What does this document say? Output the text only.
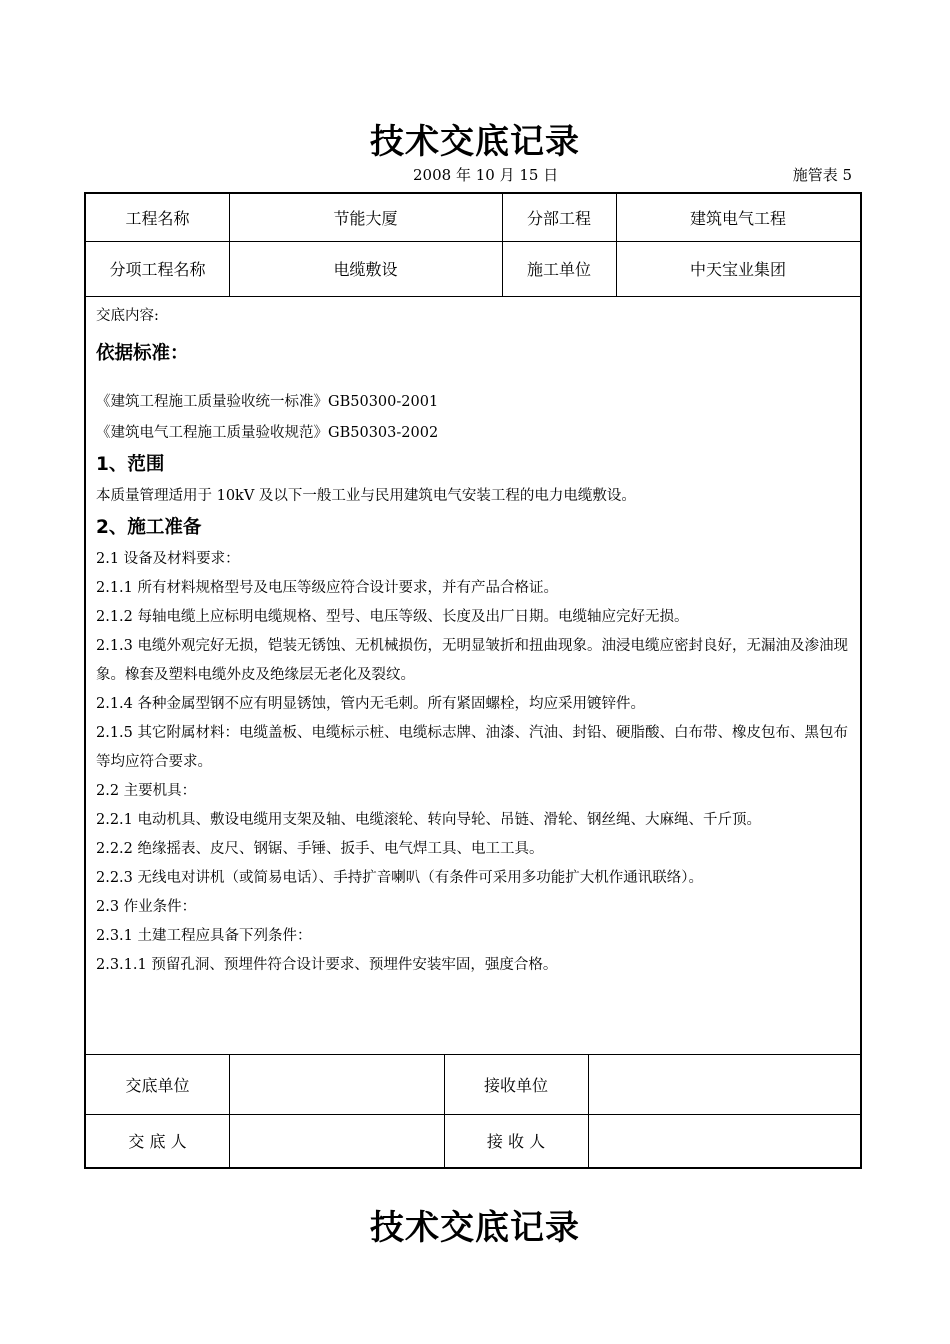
技术交底记录
2008 年 10 月 15 日	施管表 5
工程名称	节能大厦	分部工程	建筑电气工程
分项工程名称	电缆敷设	施工单位	中天宝业集团

交底内容:

依据标准：

《建筑工程施工质量验收统一标准》GB50300-2001

《建筑电气工程施工质量验收规范》GB50303-2002

1、范围

本质量管理适用于 10kV 及以下一般工业与民用建筑电气安装工程的电力电缆敷设。

2、施工准备

2.1 设备及材料要求：

2.1.1 所有材料规格型号及电压等级应符合设计要求，并有产品合格证。

2.1.2 每轴电缆上应标明电缆规格、型号、电压等级、长度及出厂日期。电缆轴应完好无损。

2.1.3 电缆外观完好无损，铠装无锈蚀、无机械损伤，无明显皱折和扭曲现象。油浸电缆应密封良好，无漏油及渗油现象。橡套及塑料电缆外皮及绝缘层无老化及裂纹。

2.1.4 各种金属型钢不应有明显锈蚀，管内无毛刺。所有紧固螺栓，均应采用镀锌件。

2.1.5 其它附属材料：电缆盖板、电缆标示桩、电缆标志牌、油漆、汽油、封铅、硬脂酸、白布带、橡皮包布、黑包布等均应符合要求。

2.2 主要机具：

2.2.1 电动机具、敷设电缆用支架及轴、电缆滚轮、转向导轮、吊链、滑轮、钢丝绳、大麻绳、千斤顶。

2.2.2 绝缘摇表、皮尺、钢锯、手锤、扳手、电气焊工具、电工工具。

2.2.3 无线电对讲机（或简易电话）、手持扩音喇叭（有条件可采用多功能扩大机作通讯联络）。

2.3 作业条件：

2.3.1 土建工程应具备下列条件：

2.3.1.1 预留孔洞、预埋件符合设计要求、预埋件安装牢固，强度合格。

交底单位	接收单位
交 底 人	接 收 人
技术交底记录
